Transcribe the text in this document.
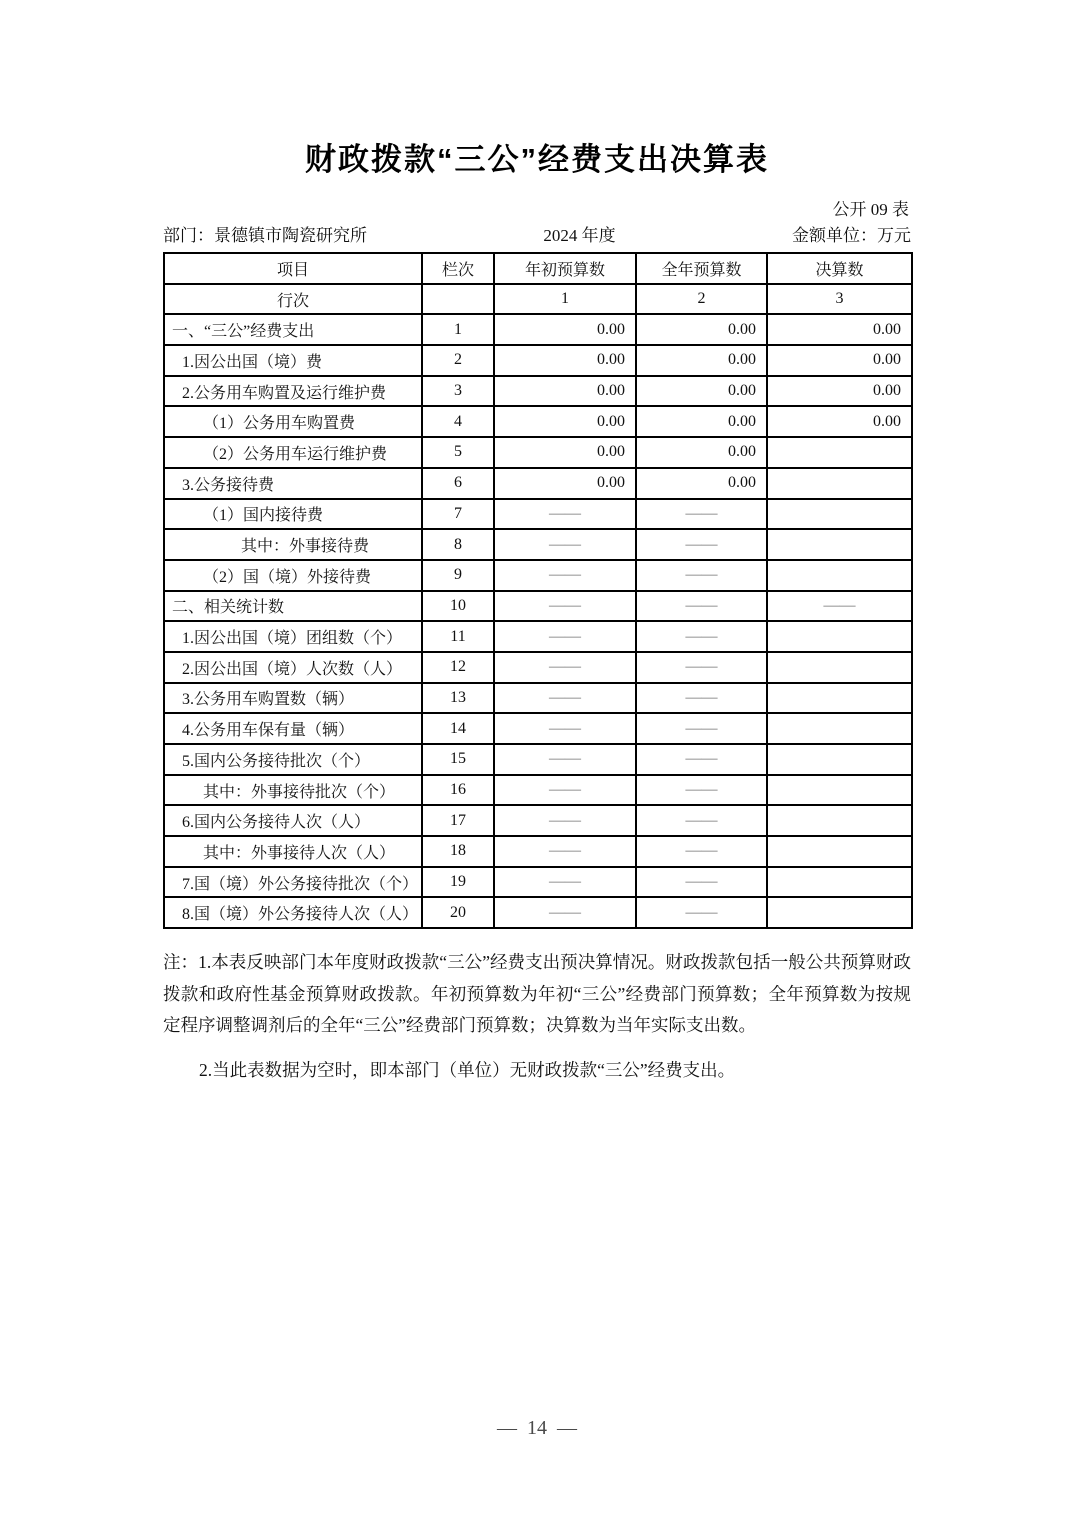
财政拨款“三公”经费支出决算表
公开 09 表
部门：景德镇市陶瓷研究所	2024 年度	金额单位：万元
项目	栏次	年初预算数	全年预算数	决算数
行次		1	2	3
一、“三公”经费支出	1	0.00	0.00	0.00
1.因公出国（境）费	2	0.00	0.00	0.00
2.公务用车购置及运行维护费	3	0.00	0.00	0.00
（1）公务用车购置费	4	0.00	0.00	0.00
（2）公务用车运行维护费	5	0.00	0.00	
3.公务接待费	6	0.00	0.00	
（1）国内接待费	7	——	——	
其中：外事接待费	8	——	——	
（2）国（境）外接待费	9	——	——	
二、相关统计数	10	——	——	——
1.因公出国（境）团组数（个）	11	——	——	
2.因公出国（境）人次数（人）	12	——	——	
3.公务用车购置数（辆）	13	——	——	
4.公务用车保有量（辆）	14	——	——	
5.国内公务接待批次（个）	15	——	——	
其中：外事接待批次（个）	16	——	——	
6.国内公务接待人次（人）	17	——	——	
其中：外事接待人次（人）	18	——	——	
7.国（境）外公务接待批次（个）	19	——	——	
8.国（境）外公务接待人次（人）	20	——	——	

注：1.本表反映部门本年度财政拨款“三公”经费支出预决算情况。财政拨款包括一般公共预算财政拨款和政府性基金预算财政拨款。年初预算数为年初“三公”经费部门预算数；全年预算数为按规定程序调整调剂后的全年“三公”经费部门预算数；决算数为当年实际支出数。

2.当此表数据为空时，即本部门（单位）无财政拨款“三公”经费支出。

—  14  —
